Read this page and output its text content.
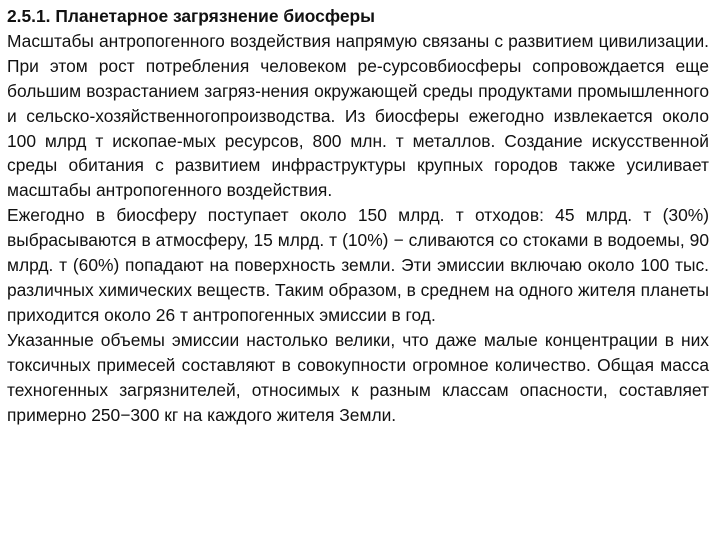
2.5.1. Планетарное загрязнение биосферы

Масштабы антропогенного воздействия напрямую связаны с развитием цивилизации. При этом рост потребления человеком ре-сурсовбиосферы сопровождается еще большим возрастанием загряз-нения окружающей среды продуктами промышленного и сельско-хозяйственногопроизводства. Из биосферы ежегодно извлекается около 100 млрд т ископае-мых ресурсов, 800 млн. т металлов. Создание искусственной среды обитания с развитием инфраструктуры крупных городов также усиливает масштабы антропогенного воздействия.

Ежегодно в биосферу поступает около 150 млрд. т отходов: 45 млрд. т (30%) выбрасываются в атмосферу, 15 млрд. т (10%) − сливаются со стоками в водоемы, 90 млрд. т (60%) попадают на поверхность земли. Эти эмиссии включаю около 100 тыс. различных химических веществ. Таким образом, в среднем на одного жителя планеты приходится около 26 т антропогенных эмиссии в год.

Указанные объемы эмиссии настолько велики, что даже малые концентрации в них токсичных примесей составляют в совокупности огромное количество. Общая масса техногенных загрязнителей, относимых к разным классам опасности, составляет примерно 250−300 кг на каждого жителя Земли.
